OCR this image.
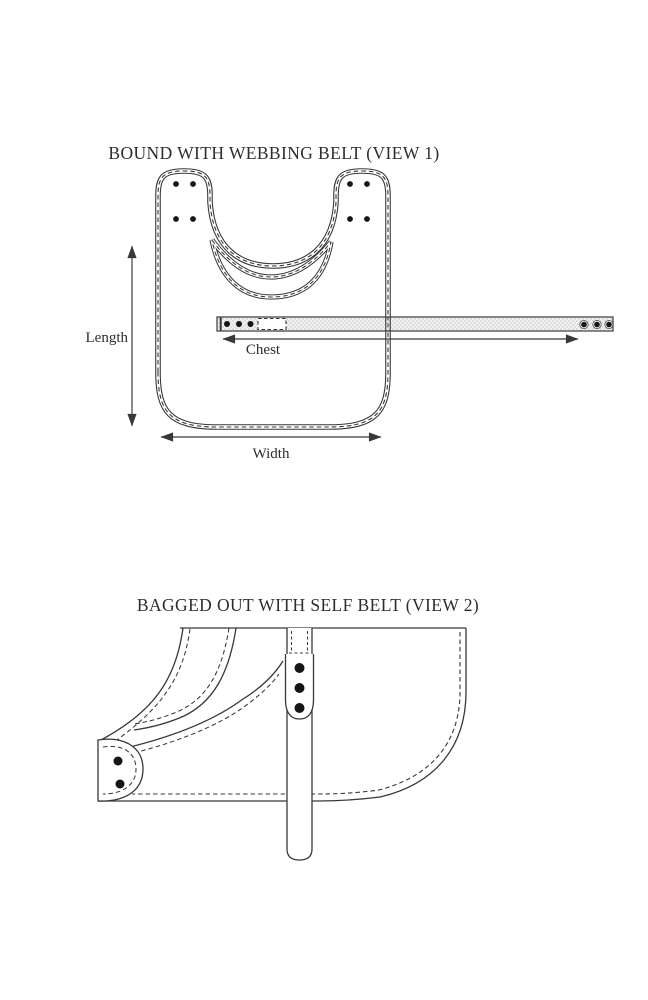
BOUND WITH WEBBING BELT (VIEW 1)
Length
Chest
Width
BAGGED OUT WITH SELF BELT (VIEW 2)
